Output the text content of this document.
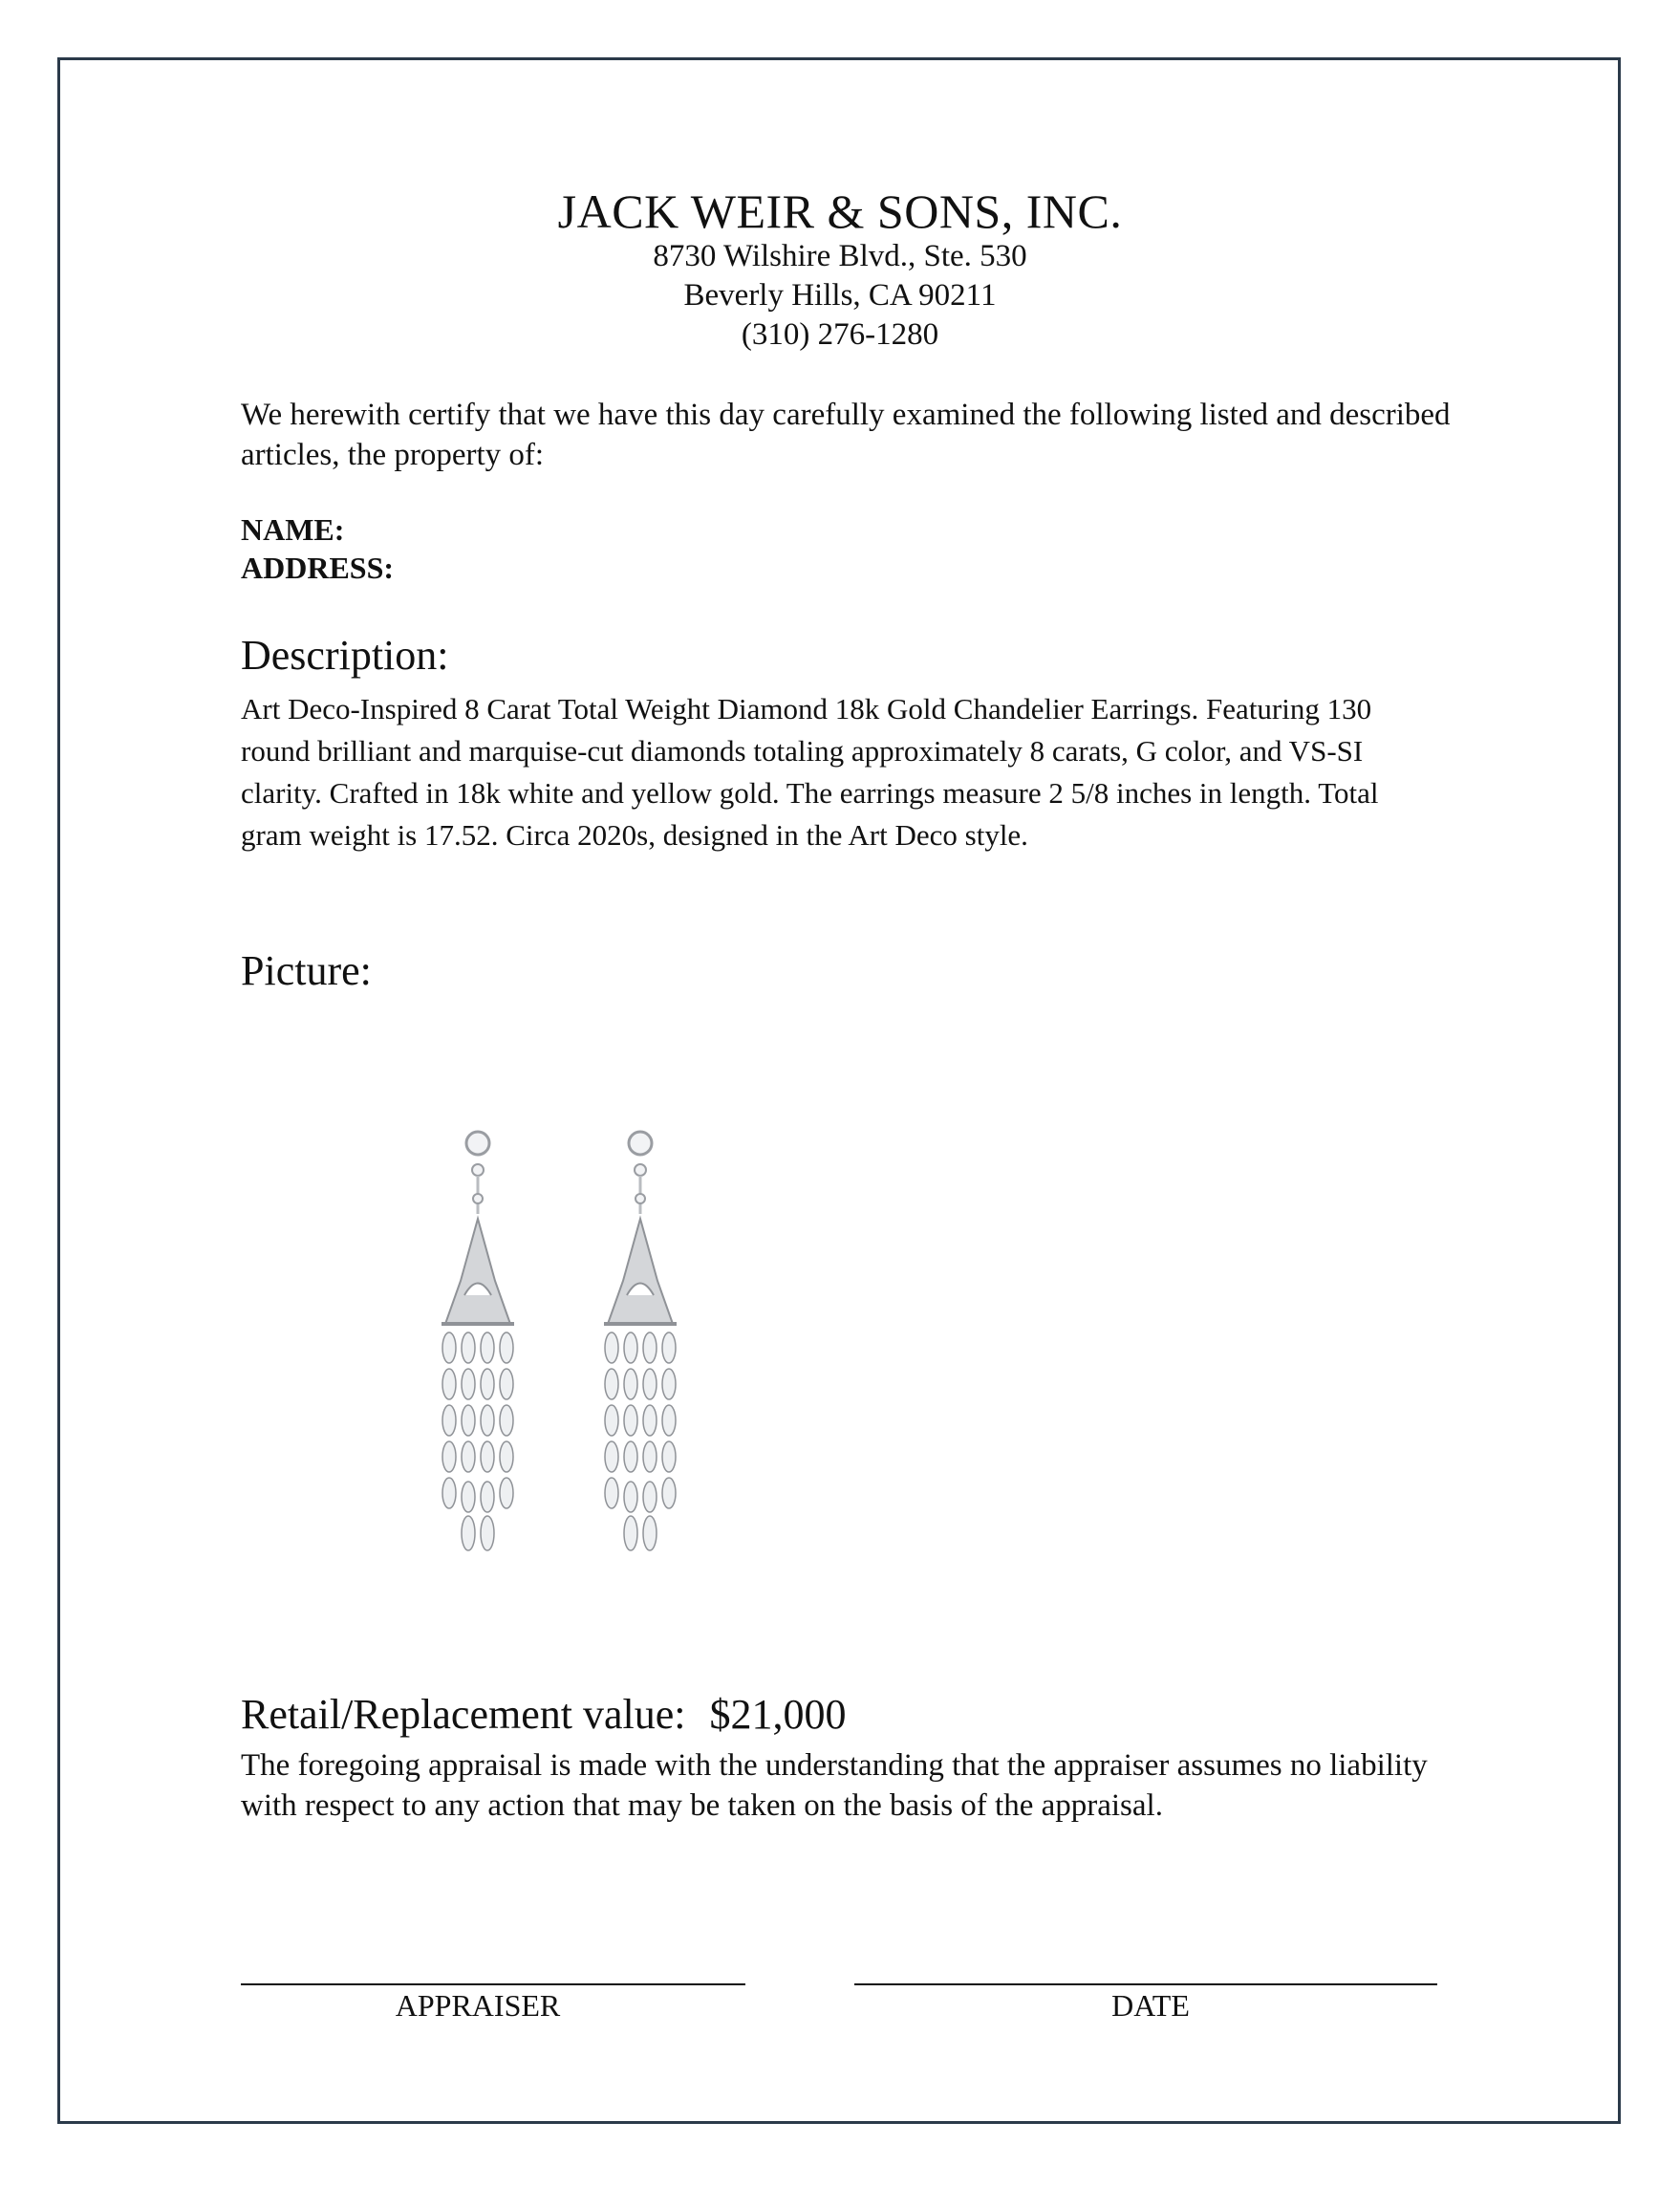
JACK WEIR & SONS, INC.
8730 Wilshire Blvd., Ste. 530
Beverly Hills, CA 90211
(310) 276-1280
We herewith certify that we have this day carefully examined the following listed and described articles, the property of:
NAME:
ADDRESS:
Description:
Art Deco-Inspired 8 Carat Total Weight Diamond 18k Gold Chandelier Earrings. Featuring 130 round brilliant and marquise-cut diamonds totaling approximately 8 carats, G color, and VS-SI clarity. Crafted in 18k white and yellow gold. The earrings measure 2 5/8 inches in length. Total gram weight is 17.52. Circa 2020s, designed in the Art Deco style.
Picture:
Retail/Replacement value: $21,000
The foregoing appraisal is made with the understanding that the appraiser assumes no liability with respect to any action that may be taken on the basis of the appraisal.
APPRAISER	DATE
